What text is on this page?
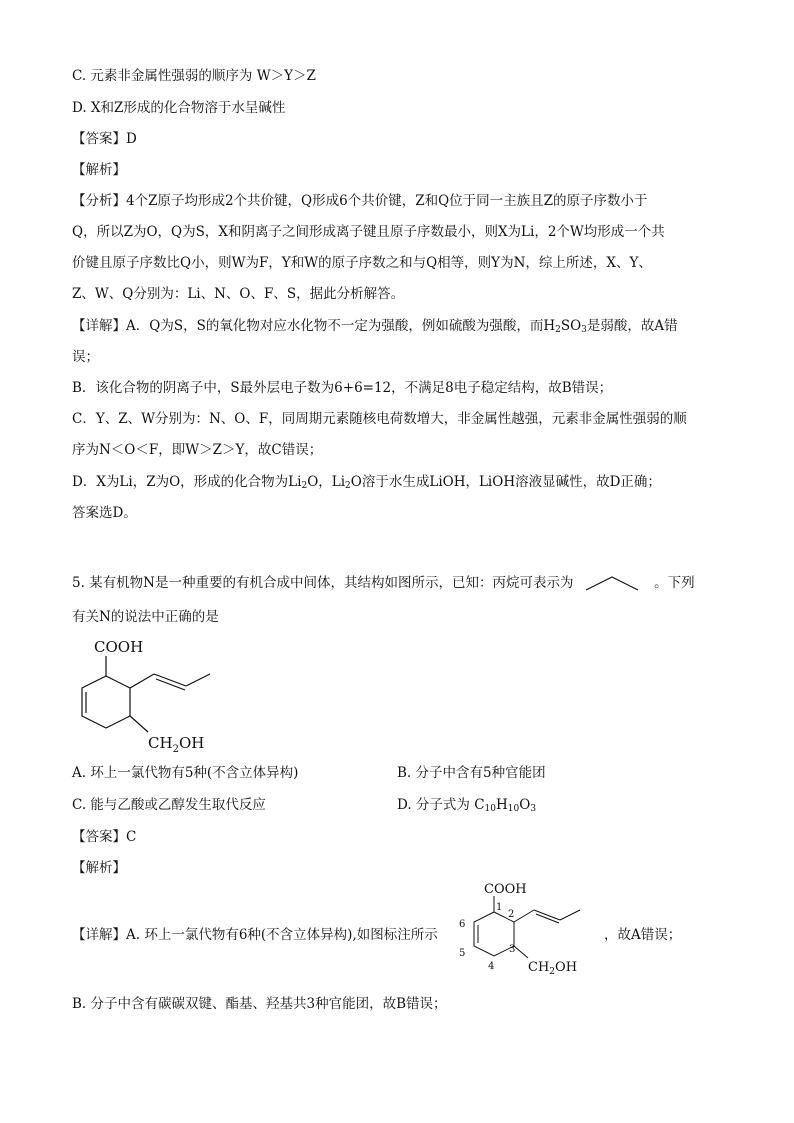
C. 元素非金属性强弱的顺序为 W＞Y＞Z
D. X和Z形成的化合物溶于水呈碱性
【答案】D
【解析】
【分析】4个Z原子均形成2个共价键，Q形成6个共价键，Z和Q位于同一主族且Z的原子序数小于
Q，所以Z为O，Q为S，X和阴离子之间形成离子键且原子序数最小，则X为Li，2个W均形成一个共
价键且原子序数比Q小，则W为F，Y和W的原子序数之和与Q相等，则Y为N，综上所述，X、Y、
Z、W、Q分别为：Li、N、O、F、S，据此分析解答。
【详解】A．Q为S，S的氧化物对应水化物不一定为强酸，例如硫酸为强酸，而$H_2SO_3$是弱酸，故A错
误；
B．该化合物的阴离子中，S最外层电子数为6+6=12，不满足8电子稳定结构，故B错误；
C．Y、Z、W分别为：N、O、F，同周期元素随核电荷数增大，非金属性越强，元素非金属性强弱的顺
序为N＜O＜F，即W＞Z＞Y，故C错误；
D．X为Li，Z为O，形成的化合物为$Li_2O$，$Li_2O$溶于水生成LiOH，LiOH溶液显碱性，故D正确；
答案选D。
5. 某有机物N是一种重要的有机合成中间体，其结构如图所示，已知：丙烷可表示为	。下列
有关N的说法中正确的是
COOH
$CH_2OH$
A. 环上一氯代物有5种(不含立体异构)	B. 分子中含有5种官能团
C. 能与乙酸或乙醇发生取代反应	D. 分子式为 $C_{10}H_{10}O_3$
【答案】C
【解析】
【详解】A. 环上一氯代物有6种(不含立体异构),如图标注所示	，故A错误；
COOH
$CH_2OH$
1
2
3
4
5
6
B. 分子中含有碳碳双键、酯基、羟基共3种官能团，故B错误；
